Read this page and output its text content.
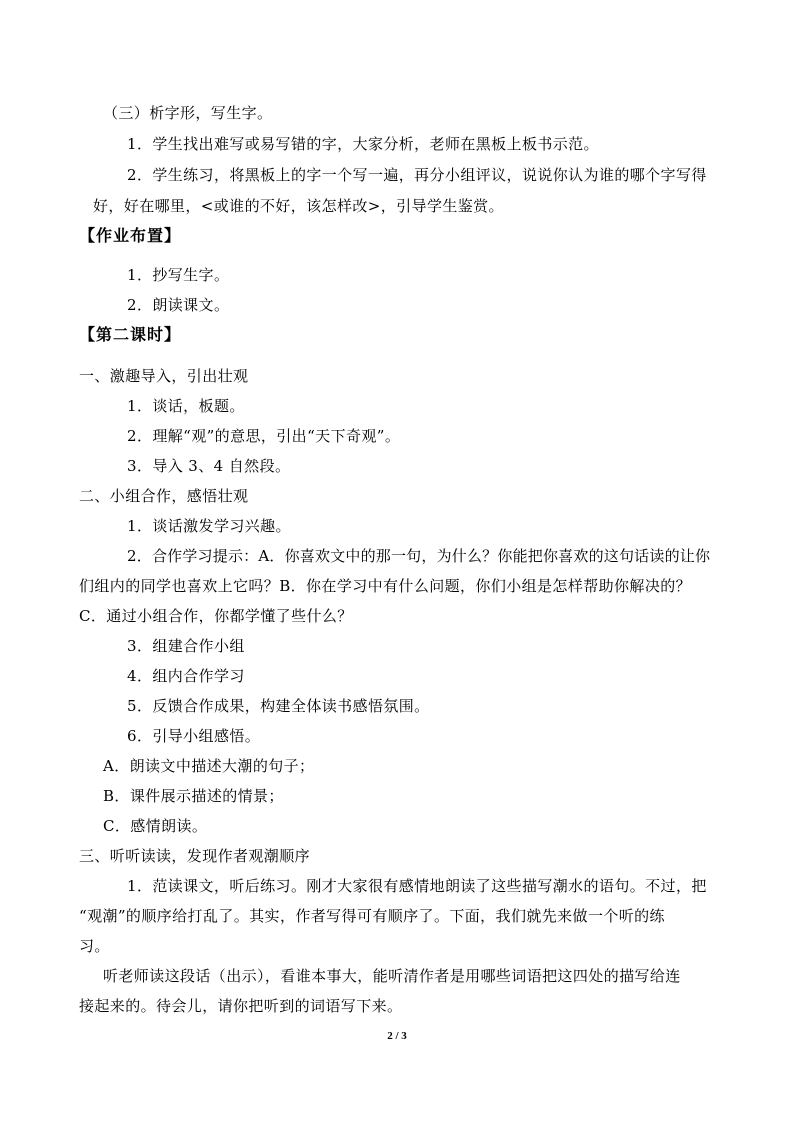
（三）析字形，写生字。
1．学生找出难写或易写错的字，大家分析，老师在黑板上板书示范。
2．学生练习，将黑板上的字一个写一遍，再分小组评议，说说你认为谁的哪个字写得
好，好在哪里，<或谁的不好，该怎样改>，引导学生鉴赏。
【作业布置】
1．抄写生字。
2．朗读课文。
【第二课时】
一、激趣导入，引出壮观
1．谈话，板题。
2．理解“观”的意思，引出“天下奇观”。
3．导入 3、4 自然段。
二、小组合作，感悟壮观
1．谈话激发学习兴趣。
2．合作学习提示：A．你喜欢文中的那一句，为什么？你能把你喜欢的这句话读的让你
们组内的同学也喜欢上它吗？B．你在学习中有什么问题，你们小组是怎样帮助你解决的？
C．通过小组合作，你都学懂了些什么？
3．组建合作小组
4．组内合作学习
5．反馈合作成果，构建全体读书感悟氛围。
6．引导小组感悟。
A．朗读文中描述大潮的句子；
B．课件展示描述的情景；
C．感情朗读。
三、听听读读，发现作者观潮顺序
1．范读课文，听后练习。刚才大家很有感情地朗读了这些描写潮水的语句。不过，把
“观潮”的顺序给打乱了。其实，作者写得可有顺序了。下面，我们就先来做一个听的练
习。
听老师读这段话（出示），看谁本事大，能听清作者是用哪些词语把这四处的描写给连
接起来的。待会儿，请你把听到的词语写下来。
2 / 3
